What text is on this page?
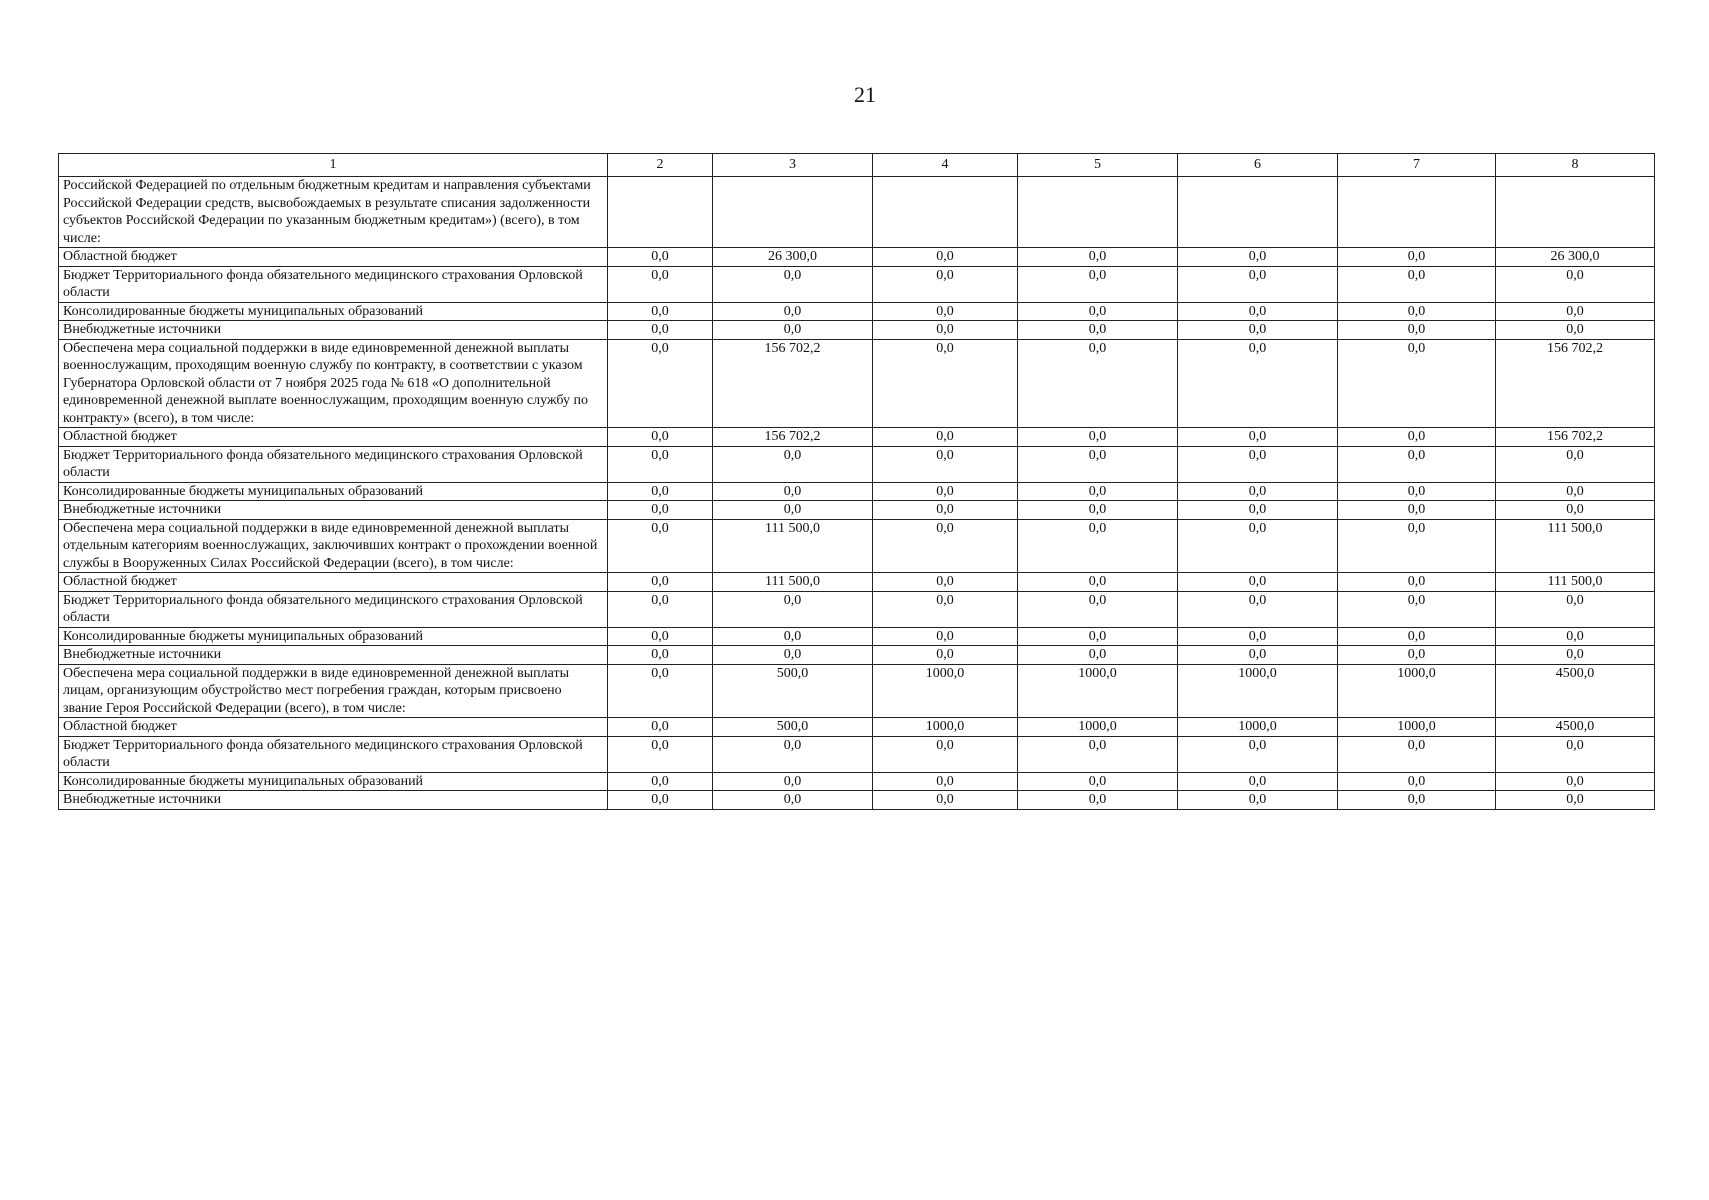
21
1	2	3	4	5	6	7	8
Российской Федерацией по отдельным бюджетным кредитам и направления субъектами Российской Федерации средств, высвобождаемых в результате списания задолженности субъектов Российской Федерации по указанным бюджетным кредитам») (всего), в том числе:							
Областной бюджет	0,0	26 300,0	0,0	0,0	0,0	0,0	26 300,0
Бюджет Территориального фонда обязательного медицинского страхования Орловской области	0,0	0,0	0,0	0,0	0,0	0,0	0,0
Консолидированные бюджеты муниципальных образований	0,0	0,0	0,0	0,0	0,0	0,0	0,0
Внебюджетные источники	0,0	0,0	0,0	0,0	0,0	0,0	0,0
Обеспечена мера социальной поддержки в виде единовременной денежной выплаты военнослужащим, проходящим военную службу по контракту, в соответствии с указом Губернатора Орловской области от 7 ноября 2025 года № 618 «О дополнительной единовременной денежной выплате военнослужащим, проходящим военную службу по контракту» (всего), в том числе:	0,0	156 702,2	0,0	0,0	0,0	0,0	156 702,2
Областной бюджет	0,0	156 702,2	0,0	0,0	0,0	0,0	156 702,2
Бюджет Территориального фонда обязательного медицинского страхования Орловской области	0,0	0,0	0,0	0,0	0,0	0,0	0,0
Консолидированные бюджеты муниципальных образований	0,0	0,0	0,0	0,0	0,0	0,0	0,0
Внебюджетные источники	0,0	0,0	0,0	0,0	0,0	0,0	0,0
Обеспечена мера социальной поддержки в виде единовременной денежной выплаты отдельным категориям военнослужащих, заключивших контракт о прохождении военной службы в Вооруженных Силах Российской Федерации (всего), в том числе:	0,0	111 500,0	0,0	0,0	0,0	0,0	111 500,0
Областной бюджет	0,0	111 500,0	0,0	0,0	0,0	0,0	111 500,0
Бюджет Территориального фонда обязательного медицинского страхования Орловской области	0,0	0,0	0,0	0,0	0,0	0,0	0,0
Консолидированные бюджеты муниципальных образований	0,0	0,0	0,0	0,0	0,0	0,0	0,0
Внебюджетные источники	0,0	0,0	0,0	0,0	0,0	0,0	0,0
Обеспечена мера социальной поддержки в виде единовременной денежной выплаты лицам, организующим обустройство мест погребения граждан, которым присвоено звание Героя Российской Федерации (всего), в том числе:	0,0	500,0	1000,0	1000,0	1000,0	1000,0	4500,0
Областной бюджет	0,0	500,0	1000,0	1000,0	1000,0	1000,0	4500,0
Бюджет Территориального фонда обязательного медицинского страхования Орловской области	0,0	0,0	0,0	0,0	0,0	0,0	0,0
Консолидированные бюджеты муниципальных образований	0,0	0,0	0,0	0,0	0,0	0,0	0,0
Внебюджетные источники	0,0	0,0	0,0	0,0	0,0	0,0	0,0
